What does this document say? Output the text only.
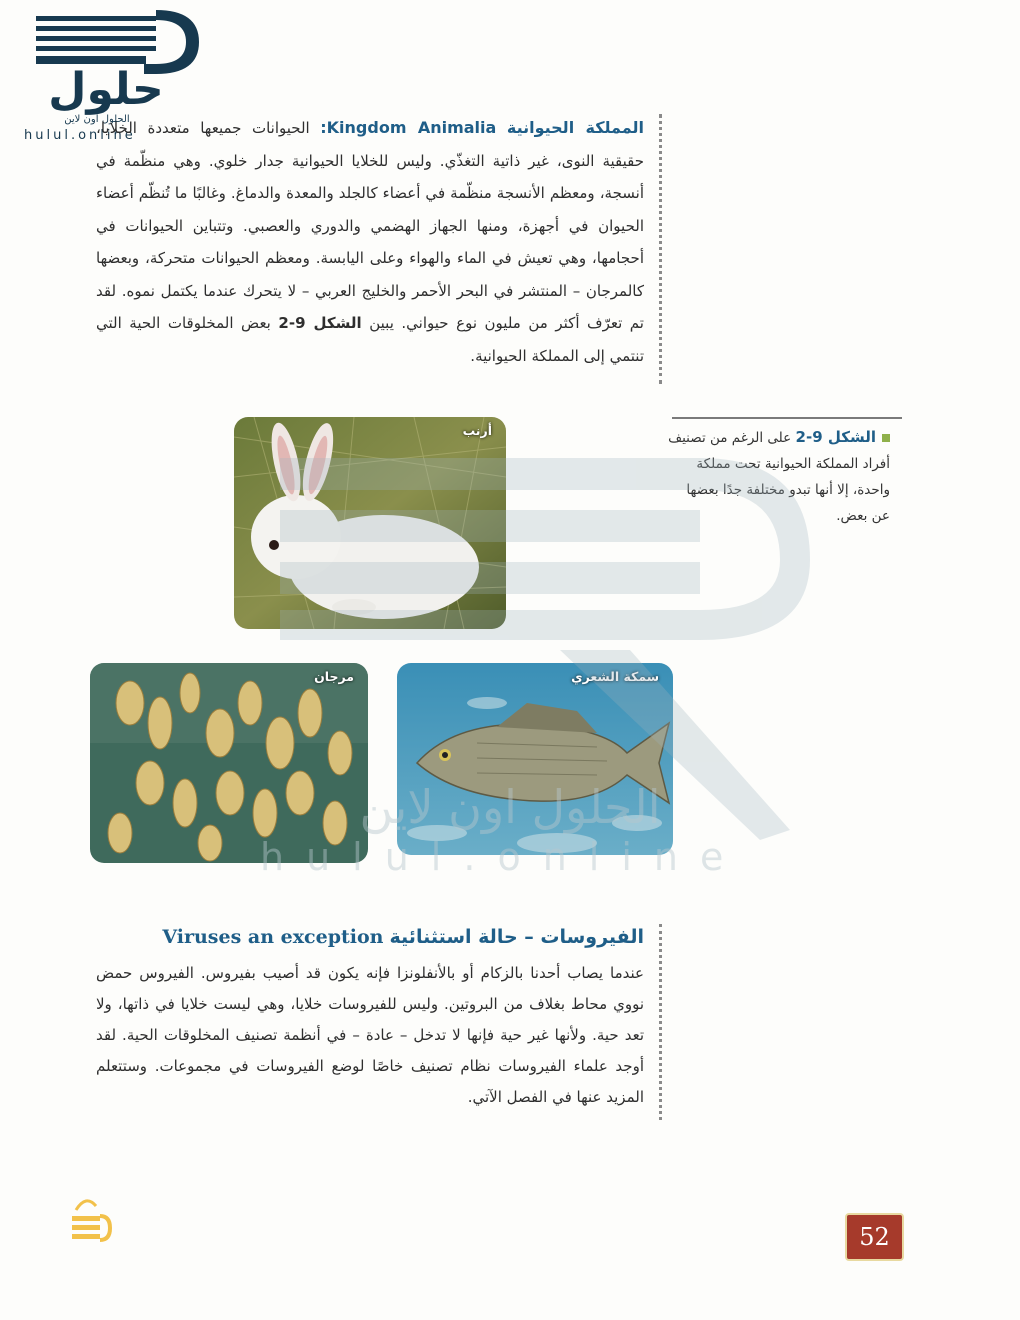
حلول
الحلول اون لاين
hulul.online	المملكة الحيوانية Kingdom Animalia: الحيوانات جميعها متعددة الخلايا، حقيقية النوى، غير ذاتية التغذّي. وليس للخلايا الحيوانية جدار خلوي. وهي منظّمة في أنسجة، ومعظم الأنسجة منظّمة في أعضاء كالجلد والمعدة والدماغ. وغالبًا ما تُنظّم أعضاء الحيوان في أجهزة، ومنها الجهاز الهضمي والدوري والعصبي. وتتباين الحيوانات في أحجامها، وهي تعيش في الماء والهواء وعلى اليابسة. ومعظم الحيوانات متحركة، وبعضها كالمرجان – المنتشر في البحر الأحمر والخليج العربي – لا يتحرك عندما يكتمل نموه. لقد تم تعرّف أكثر من مليون نوع حيواني. يبين الشكل 9-2 بعض المخلوقات الحية التي تنتمي إلى المملكة الحيوانية.
الشكل 9-2 على الرغم من تصنيف أفراد المملكة الحيوانية تحت مملكة واحدة، إلا أنها تبدو مختلفة جدًا بعضها عن بعض.
أرنب
مرجان	سمكة الشعري
الحلول اون لاين
hulul.online
الفيروسات – حالة استثنائية Viruses an exception
عندما يصاب أحدنا بالزكام أو بالأنفلونزا فإنه يكون قد أصيب بفيروس. الفيروس حمض نووي محاط بغلاف من البروتين. وليس للفيروسات خلايا، وهي ليست خلايا في ذاتها، ولا تعد حية. ولأنها غير حية فإنها لا تدخل – عادة – في أنظمة تصنيف المخلوقات الحية. لقد أوجد علماء الفيروسات نظام تصنيف خاصًا لوضع الفيروسات في مجموعات. وستتعلم المزيد عنها في الفصل الآتي.
52
